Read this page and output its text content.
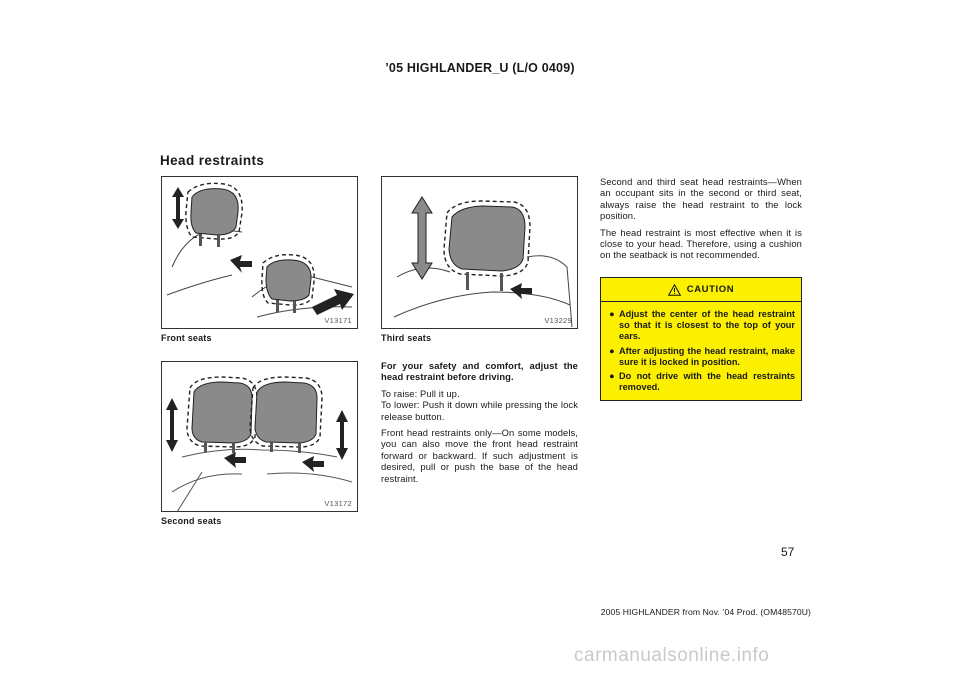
’05 HIGHLANDER_U (L/O 0409)
Head restraints
V13171
Front seats
V13229
Third seats
V13172
Second seats

For your safety and comfort, adjust the head restraint before driving.

To raise: Pull it up.
To lower: Push it down while pressing the lock release button.

Front head restraints only—On some models, you can also move the front head restraint forward or backward. If such adjustment is desired, pull or push the base of the head restraint.

Second and third seat head restraints—When an occupant sits in the second or third seat, always raise the head restraint to the lock position.

The head restraint is most effective when it is close to your head. Therefore, using a cushion on the seatback is not recommended.

CAUTION
● Adjust the center of the head restraint so that it is closest to the top of your ears.
● After adjusting the head restraint, make sure it is locked in position.
● Do not drive with the head restraints removed.
57
2005 HIGHLANDER from Nov. ’04 Prod. (OM48570U)
carmanualsonline.info
